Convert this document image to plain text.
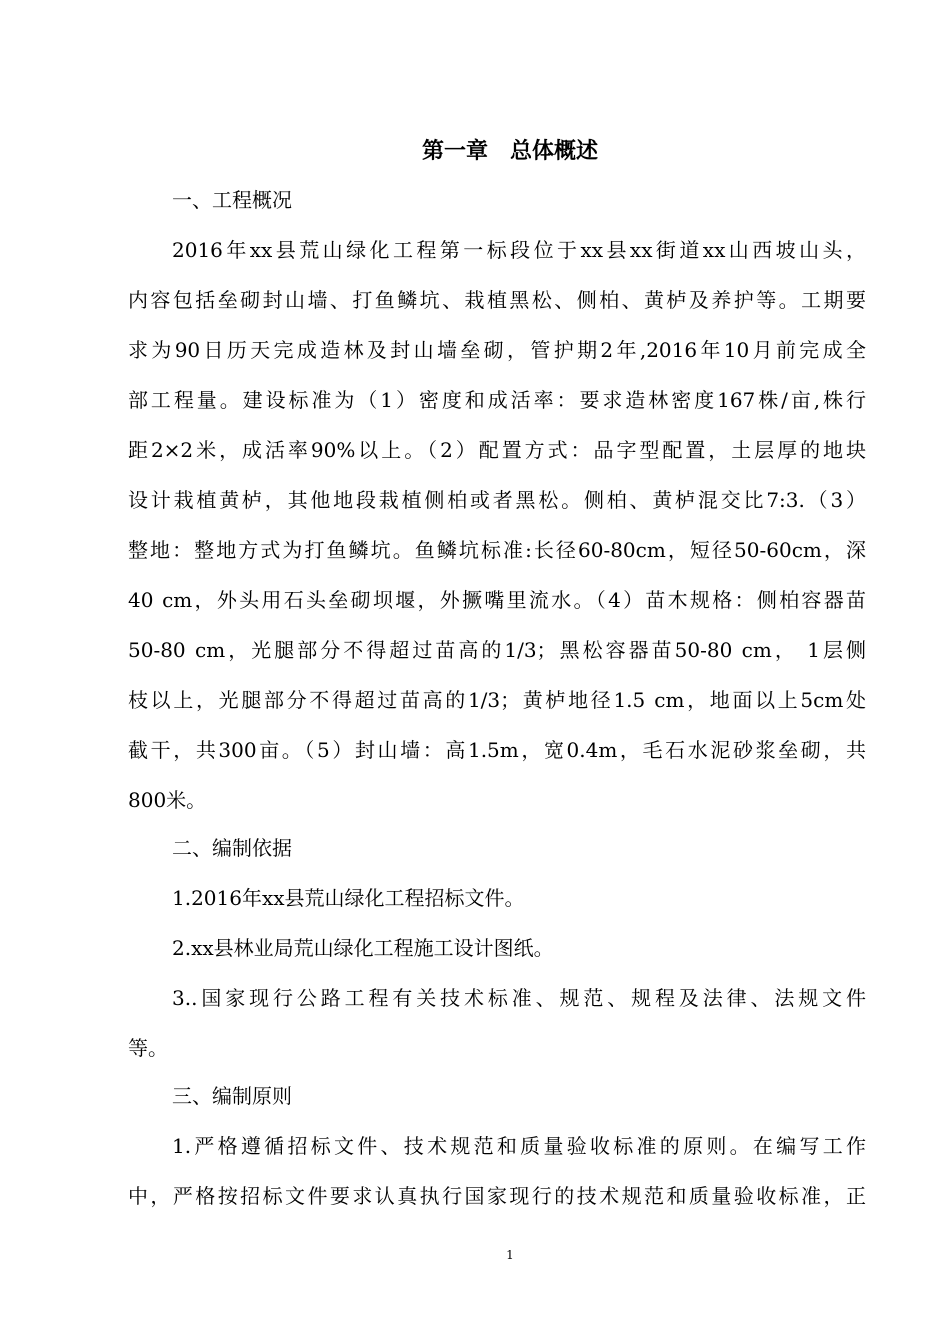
第一章　总体概述
一、工程概况
2016年xx县荒山绿化工程第一标段位于xx县xx街道xx山西坡山头，
内容包括垒砌封山墙、打鱼鳞坑、栽植黑松、侧柏、黄栌及养护等。工期要
求为90日历天完成造林及封山墙垒砌，管护期2年,2016年10月前完成全
部工程量。建设标准为（1）密度和成活率：要求造林密度167株/亩,株行
距2×2米，成活率90%以上。（2）配置方式：品字型配置，土层厚的地块
设计栽植黄栌，其他地段栽植侧柏或者黑松。侧柏、黄栌混交比7:3.（3）
整地：整地方式为打鱼鳞坑。鱼鳞坑标准:长径60-80cm，短径50-60cm，深
40 cm，外头用石头垒砌坝堰，外撅嘴里流水。（4）苗木规格：侧柏容器苗
50-80 cm，光腿部分不得超过苗高的1/3；黑松容器苗50-80 cm， 1层侧
枝以上，光腿部分不得超过苗高的1/3；黄栌地径1.5 cm，地面以上5cm处
截干，共300亩。（5）封山墙：高1.5m，宽0.4m，毛石水泥砂浆垒砌，共
800米。
二、编制依据
1.2016年xx县荒山绿化工程招标文件。
2.xx县林业局荒山绿化工程施工设计图纸。
3..国家现行公路工程有关技术标准、规范、规程及法律、法规文件
等。
三、编制原则
1.严格遵循招标文件、技术规范和质量验收标准的原则。在编写工作
中，严格按招标文件要求认真执行国家现行的技术规范和质量验收标准，正
1
